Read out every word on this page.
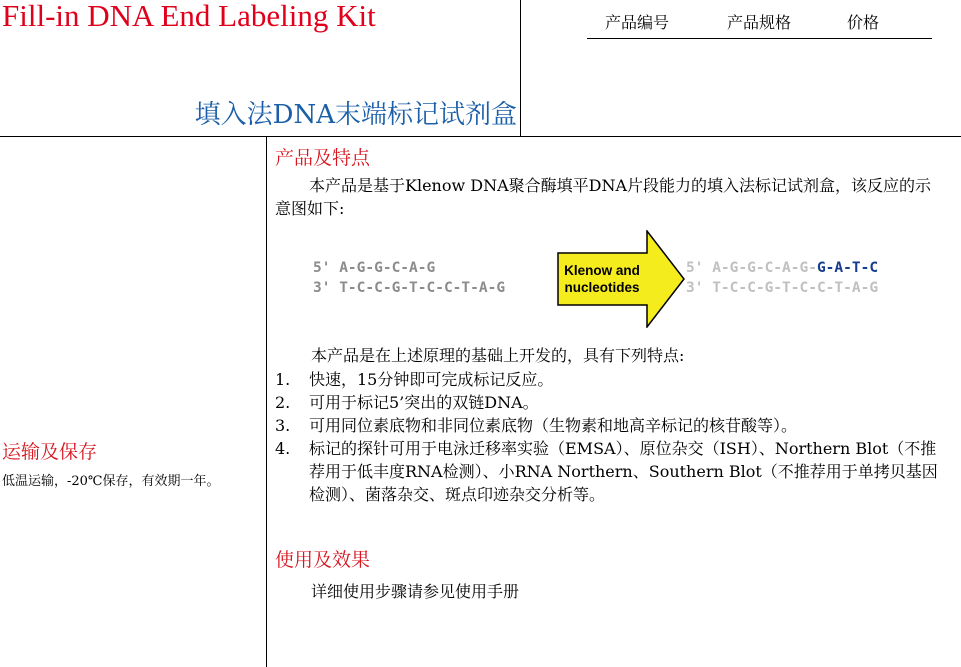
Fill-in DNA End Labeling Kit
填入法DNA末端标记试剂盒
产品编号	产品规格	价格
运输及保存
低温运输，-20℃保存，有效期一年。
产品及特点
本产品是基于Klenow DNA聚合酶填平DNA片段能力的填入法标记试剂盒，该反应的示意图如下:
5' A-G-G-C-A-G
3' T-C-C-G-T-C-C-T-A-G
Klenow and
nucleotides
5' A-G-G-C-A-G-G-A-T-C
3' T-C-C-G-T-C-C-T-A-G
本产品是在上述原理的基础上开发的，具有下列特点:
1.	快速，15分钟即可完成标记反应。
2.	可用于标记5’突出的双链DNA。
3.	可用同位素底物和非同位素底物（生物素和地高辛标记的核苷酸等）。
4.	标记的探针可用于电泳迁移率实验（EMSA）、原位杂交（ISH）、Northern Blot（不推荐用于低丰度RNA检测）、小RNA Northern、Southern Blot（不推荐用于单拷贝基因检测）、菌落杂交、斑点印迹杂交分析等。
使用及效果
详细使用步骤请参见使用手册
